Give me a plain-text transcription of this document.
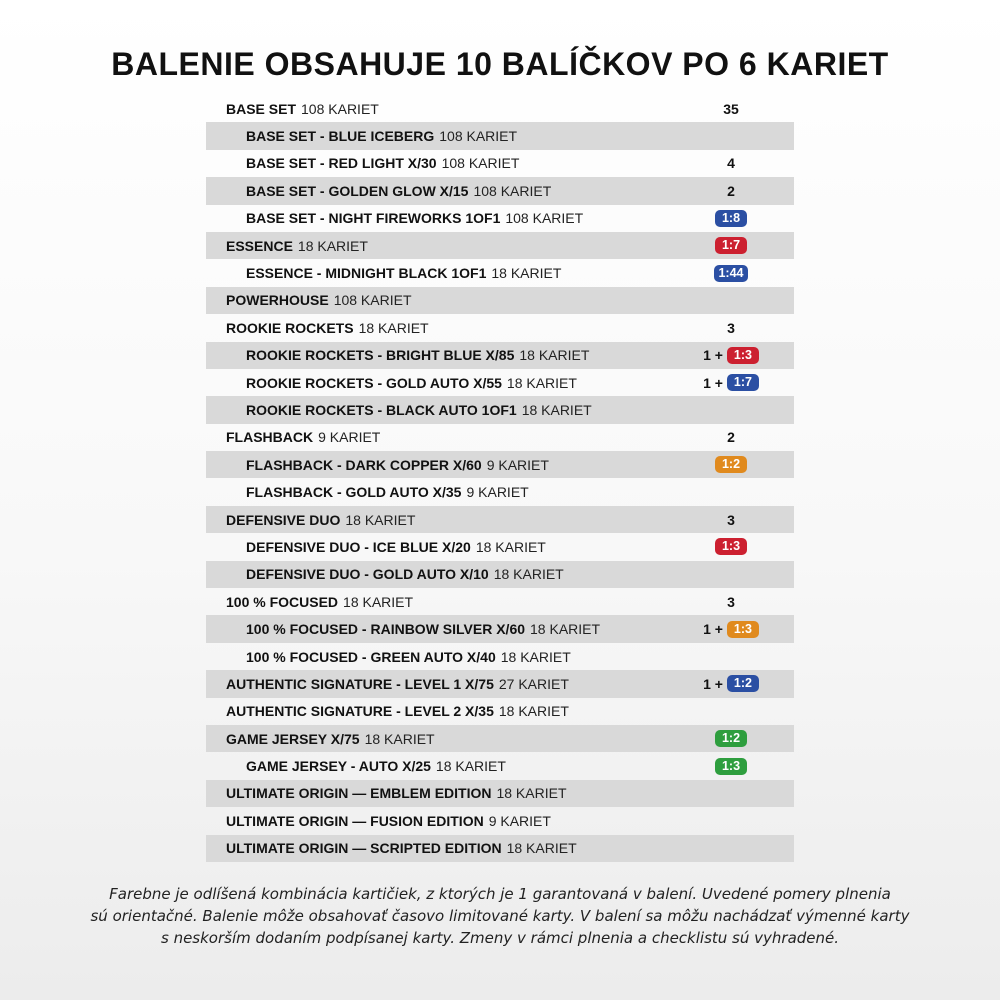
BALENIE OBSAHUJE 10 BALÍČKOV PO 6 KARIET
BASE SET 108 KARIET	35
BASE SET - BLUE ICEBERG 108 KARIET
BASE SET - RED LIGHT X/30 108 KARIET	4
BASE SET - GOLDEN GLOW X/15 108 KARIET	2
BASE SET - NIGHT FIREWORKS 1OF1 108 KARIET	1:8
ESSENCE 18 KARIET	1:7
ESSENCE - MIDNIGHT BLACK 1OF1 18 KARIET	1:44
POWERHOUSE 108 KARIET
ROOKIE ROCKETS 18 KARIET	3
ROOKIE ROCKETS - BRIGHT BLUE X/85 18 KARIET	1 + 1:3
ROOKIE ROCKETS - GOLD AUTO X/55 18 KARIET	1 + 1:7
ROOKIE ROCKETS - BLACK AUTO 1OF1 18 KARIET
FLASHBACK 9 KARIET	2
FLASHBACK - DARK COPPER X/60 9 KARIET	1:2
FLASHBACK - GOLD AUTO X/35 9 KARIET
DEFENSIVE DUO 18 KARIET	3
DEFENSIVE DUO - ICE BLUE X/20 18 KARIET	1:3
DEFENSIVE DUO - GOLD AUTO X/10 18 KARIET
100 % FOCUSED 18 KARIET	3
100 % FOCUSED - RAINBOW SILVER X/60 18 KARIET	1 + 1:3
100 % FOCUSED - GREEN AUTO X/40 18 KARIET
AUTHENTIC SIGNATURE - LEVEL 1 X/75 27 KARIET	1 + 1:2
AUTHENTIC SIGNATURE - LEVEL 2 X/35 18 KARIET
GAME JERSEY X/75 18 KARIET	1:2
GAME JERSEY - AUTO X/25 18 KARIET	1:3
ULTIMATE ORIGIN — EMBLEM EDITION 18 KARIET
ULTIMATE ORIGIN — FUSION EDITION 9 KARIET
ULTIMATE ORIGIN — SCRIPTED EDITION 18 KARIET
Farebne je odlíšená kombinácia kartičiek, z ktorých je 1 garantovaná v balení. Uvedené pomery plnenia
sú orientačné. Balenie môže obsahovať časovo limitované karty. V balení sa môžu nachádzať výmenné karty
s neskorším dodaním podpísanej karty. Zmeny v rámci plnenia a checklistu sú vyhradené.
